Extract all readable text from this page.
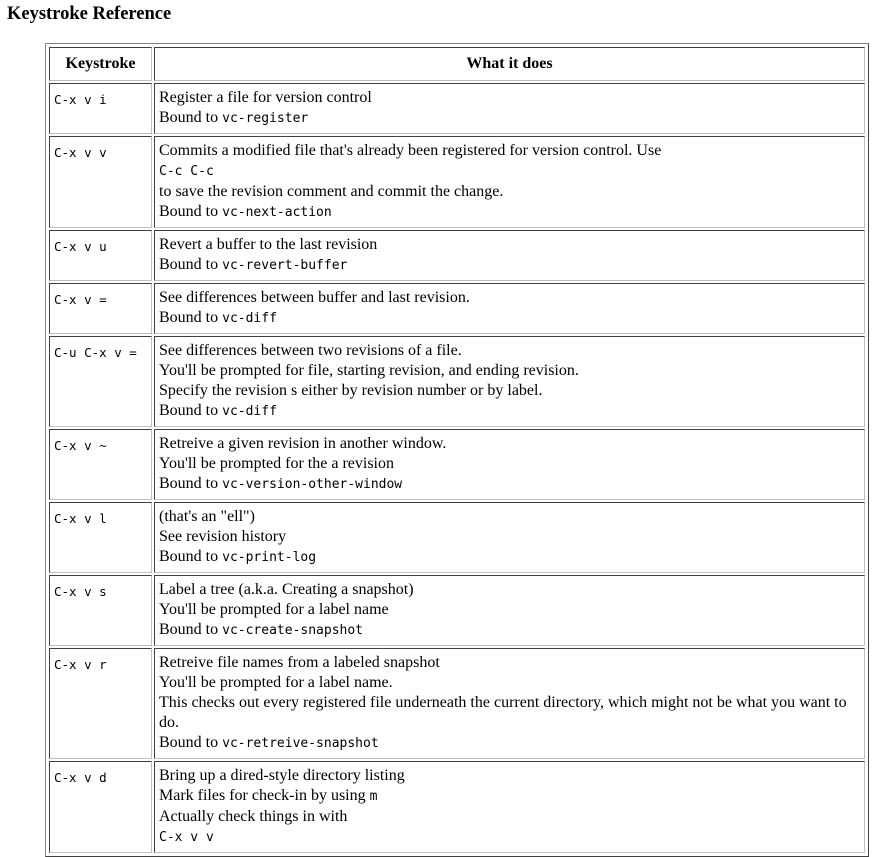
Keystroke Reference
Keystroke	What it does
C-x v i	Register a file for version control
Bound to vc-register

C-x v v	Commits a modified file that's already been registered for version control. Use
C-c C-c
to save the revision comment and commit the change.
Bound to vc-next-action

C-x v u	Revert a buffer to the last revision
Bound to vc-revert-buffer

C-x v =	See differences between buffer and last revision.
Bound to vc-diff

C-u C-x v =	See differences between two revisions of a file.
You'll be prompted for file, starting revision, and ending revision.
Specify the revision s either by revision number or by label.
Bound to vc-diff

C-x v ~	Retreive a given revision in another window.
You'll be prompted for the a revision
Bound to vc-version-other-window

C-x v l	(that's an "ell")
See revision history
Bound to vc-print-log

C-x v s	Label a tree (a.k.a. Creating a snapshot)
You'll be prompted for a label name
Bound to vc-create-snapshot

C-x v r	Retreive file names from a labeled snapshot
You'll be prompted for a label name.
This checks out every registered file underneath the current directory, which might not be what you want to do.
Bound to vc-retreive-snapshot

C-x v d	Bring up a dired-style directory listing
Mark files for check-in by using m
Actually check things in with
C-x v v
